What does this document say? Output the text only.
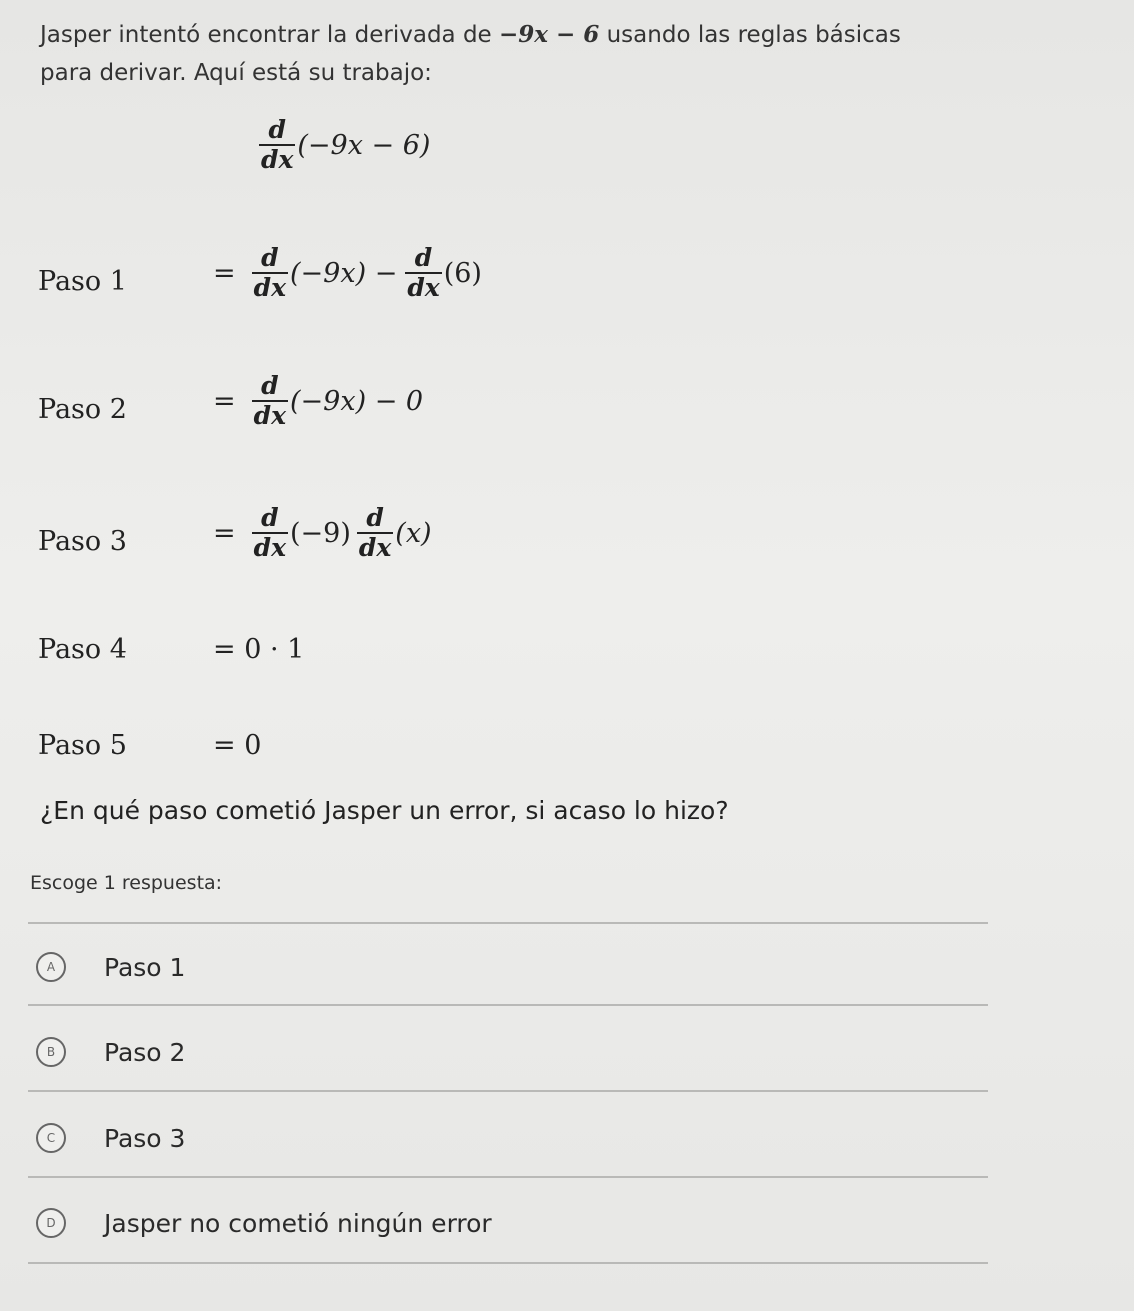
Jasper intentó encontrar la derivada de −9x − 6 usando las reglas básicas
para derivar. Aquí está su trabajo:
$\frac{d}{dx} (-9x - 6)$
Paso 1	= $\frac{d}{dx} (-9x) - \frac{d}{dx} (6)$
Paso 2	= $\frac{d}{dx} (-9x) - 0$
Paso 3	= $\frac{d}{dx} (-9) \frac{d}{dx} (x)$
Paso 4	= 0 · 1
Paso 5	= 0
¿En qué paso cometió Jasper un error, si acaso lo hizo?
Escoge 1 respuesta:
A Paso 1
B Paso 2
C Paso 3
D Jasper no cometió ningún error
